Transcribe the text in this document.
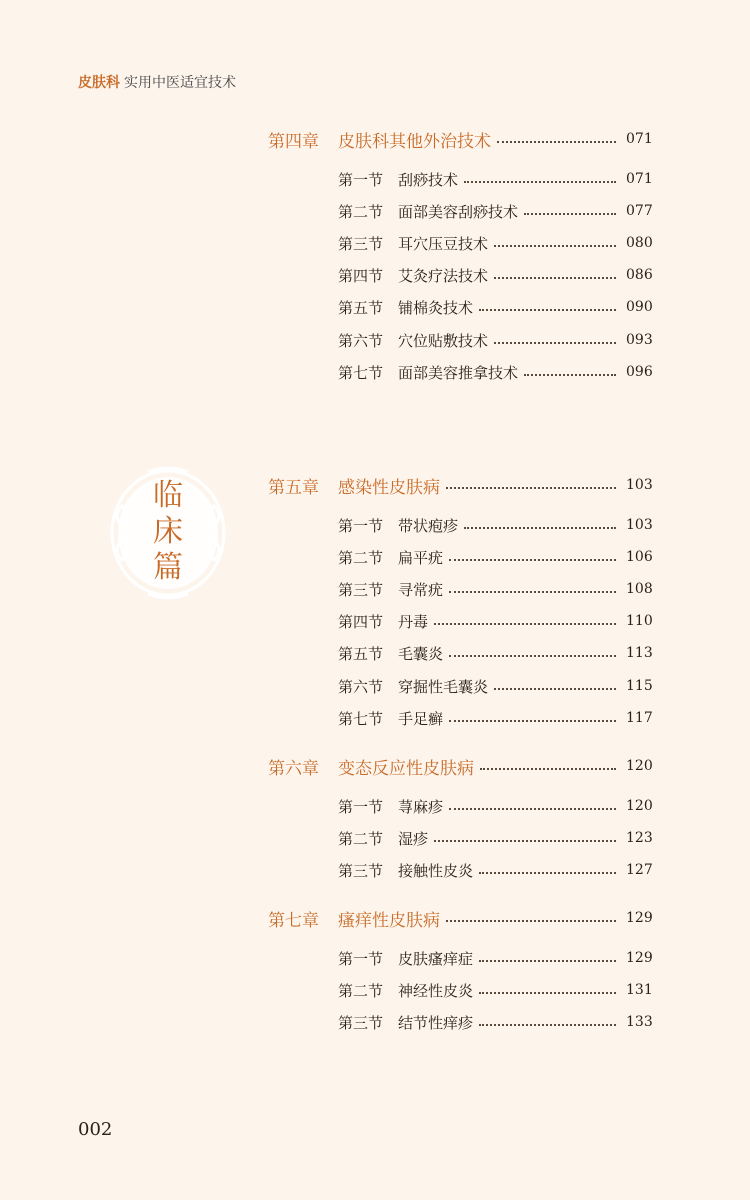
皮肤科 实用中医适宜技术
临
床
篇
第四章	皮肤科其他外治技术	071
第一节 刮痧技术	071
第二节 面部美容刮痧技术	077
第三节 耳穴压豆技术	080
第四节 艾灸疗法技术	086
第五节 铺棉灸技术	090
第六节 穴位贴敷技术	093
第七节 面部美容推拿技术	096
第五章	感染性皮肤病	103
第一节 带状疱疹	103
第二节 扁平疣	106
第三节 寻常疣	108
第四节 丹毒	110
第五节 毛囊炎	113
第六节 穿掘性毛囊炎	115
第七节 手足癣	117
第六章	变态反应性皮肤病	120
第一节 荨麻疹	120
第二节 湿疹	123
第三节 接触性皮炎	127
第七章	瘙痒性皮肤病	129
第一节 皮肤瘙痒症	129
第二节 神经性皮炎	131
第三节 结节性痒疹	133
002
